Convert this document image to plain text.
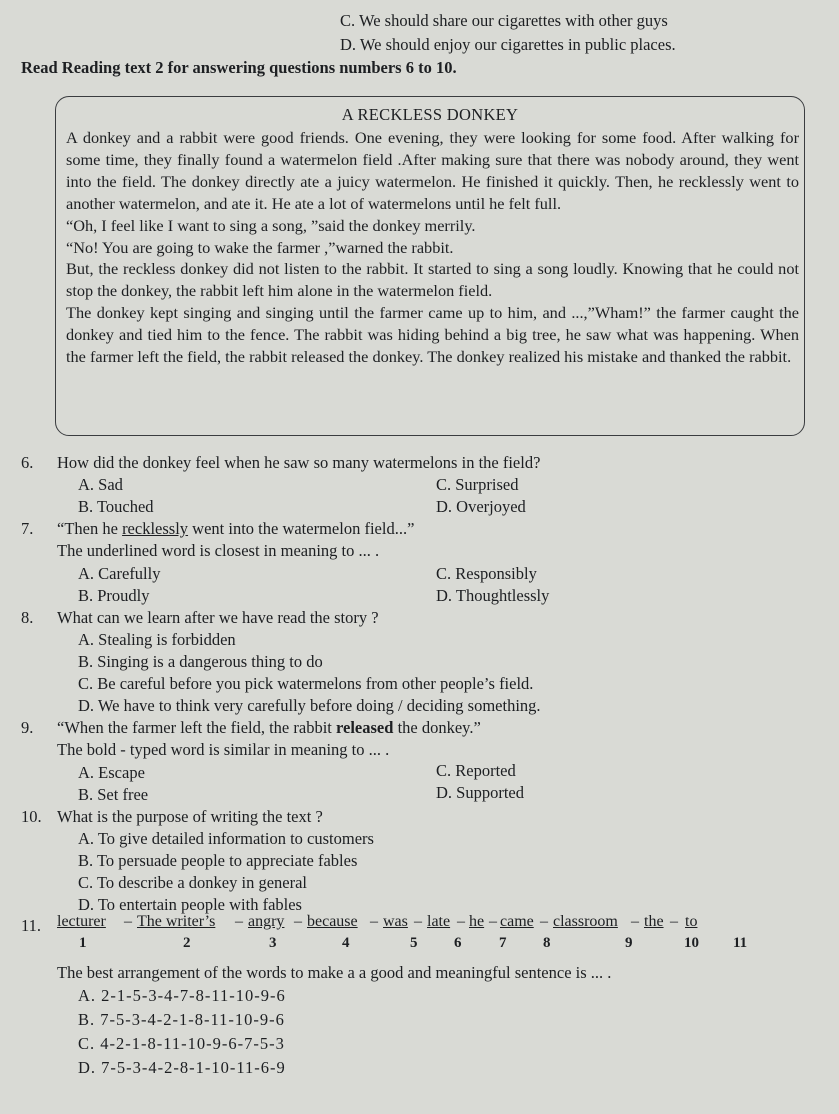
C. We should share our cigarettes with other guys
D. We should enjoy our cigarettes in public places.
Read Reading text 2 for answering questions numbers 6 to 10.
A RECKLESS DONKEY

A donkey and a rabbit were good friends. One evening, they were looking for some food. After walking for some time, they finally found a watermelon field .After making sure that there was nobody around, they went into the field. The donkey directly ate a juicy watermelon. He finished it quickly. Then, he recklessly went to another watermelon, and ate it. He ate a lot of watermelons until he felt full.

“Oh, I feel like I want to sing a song, ”said the donkey merrily.

“No! You are going to wake the farmer ,”warned the rabbit.

But, the reckless donkey did not listen to the rabbit. It started to sing a song loudly. Knowing that he could not stop the donkey, the rabbit left him alone in the watermelon field.

The donkey kept singing and singing until the farmer came up to him, and ...,”Wham!” the farmer caught the donkey and tied him to the fence. The rabbit was hiding behind a big tree, he saw what was happening. When the farmer left the field, the rabbit released the donkey. The donkey realized his mistake and thanked the rabbit.

6. How did the donkey feel when he saw so many watermelons in the field?
A. Sad	C. Surprised
B. Touched	D. Overjoyed
7. “Then he recklessly went into the watermelon field...”
The underlined word is closest in meaning to ... .
A. Carefully	C. Responsibly
B. Proudly	D. Thoughtlessly
8. What can we learn after we have read the story ?
A. Stealing is forbidden
B. Singing is a dangerous thing to do
C. Be careful before you pick watermelons from other people’s field.
D. We have to think very carefully before doing / deciding something.
9. “When the farmer left the field, the rabbit released the donkey.”
The bold - typed word is similar in meaning to ... .
A. Escape	C. Reported
B. Set free	D. Supported
10. What is the purpose of writing the text ?
A. To give detailed information to customers
B. To persuade people to appreciate fables
C. To describe a donkey in general
D. To entertain people with fables
11. lecturer – The writer’s – angry – because – was – late – he – came – classroom – the – to
1	2	3	4	5 6	7 8	9	10 11
The best arrangement of the words to make a a good and meaningful sentence is ... .
A. 2-1-5-3-4-7-8-11-10-9-6
B. 7-5-3-4-2-1-8-11-10-9-6
C. 4-2-1-8-11-10-9-6-7-5-3
D. 7-5-3-4-2-8-1-10-11-6-9
